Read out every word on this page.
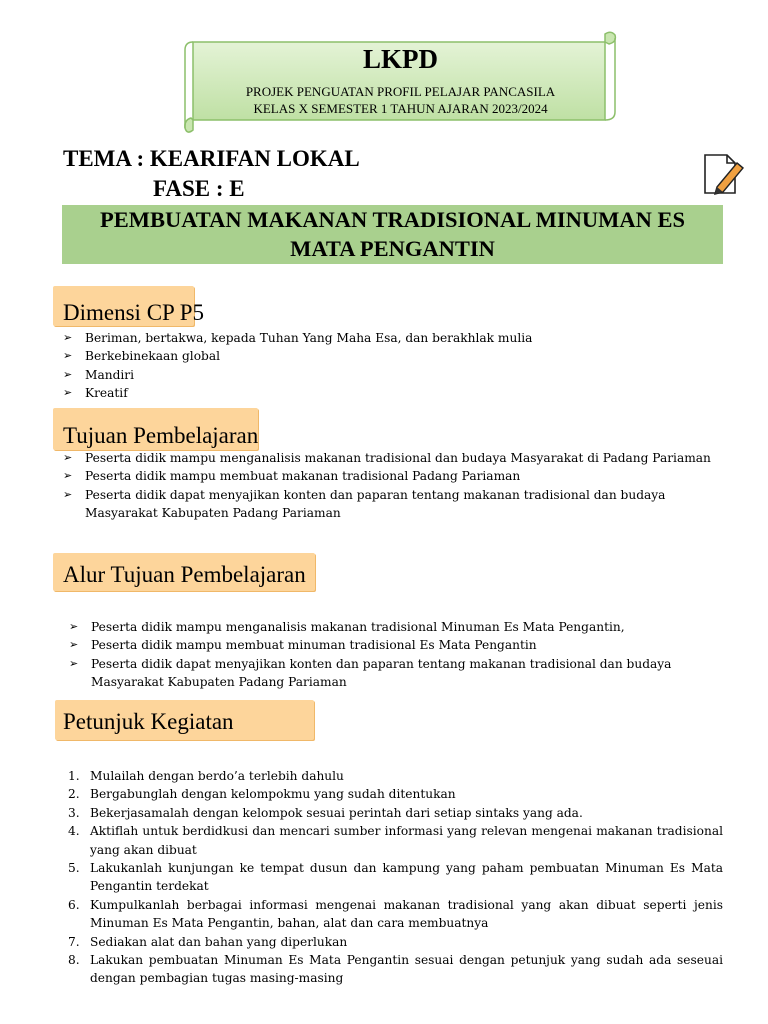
LKPD
PROJEK PENGUATAN PROFIL PELAJAR PANCASILA
KELAS X SEMESTER 1 TAHUN AJARAN 2023/2024
TEMA : KEARIFAN LOKAL
FASE : E
PEMBUATAN MAKANAN TRADISIONAL MINUMAN ES
MATA PENGANTIN
Dimensi CP P5
➢ Beriman, bertakwa, kepada Tuhan Yang Maha Esa, dan berakhlak mulia
➢ Berkebinekaan global
➢ Mandiri
➢ Kreatif
Tujuan Pembelajaran
➢ Peserta didik mampu menganalisis makanan tradisional dan budaya Masyarakat di Padang Pariaman
➢ Peserta didik mampu membuat makanan tradisional Padang Pariaman
➢ Peserta didik dapat menyajikan konten dan paparan tentang makanan tradisional dan budaya Masyarakat Kabupaten Padang Pariaman
Alur Tujuan Pembelajaran
➢ Peserta didik mampu menganalisis makanan tradisional Minuman Es Mata Pengantin,
➢ Peserta didik mampu membuat minuman tradisional Es Mata Pengantin
➢ Peserta didik dapat menyajikan konten dan paparan tentang makanan tradisional dan budaya Masyarakat Kabupaten Padang Pariaman
Petunjuk Kegiatan
1. Mulailah dengan berdo’a terlebih dahulu
2. Bergabunglah dengan kelompokmu yang sudah ditentukan
3. Bekerjasamalah dengan kelompok sesuai perintah dari setiap sintaks yang ada.
4. Aktiflah untuk berdidkusi dan mencari sumber informasi yang relevan mengenai makanan tradisional yang akan dibuat
5. Lakukanlah kunjungan ke tempat dusun dan kampung yang paham pembuatan Minuman Es Mata Pengantin terdekat
6. Kumpulkanlah berbagai informasi mengenai makanan tradisional yang akan dibuat seperti jenis Minuman Es Mata Pengantin, bahan, alat dan cara membuatnya
7. Sediakan alat dan bahan yang diperlukan
8. Lakukan pembuatan Minuman Es Mata Pengantin sesuai dengan petunjuk yang sudah ada seseuai dengan pembagian tugas masing-masing
